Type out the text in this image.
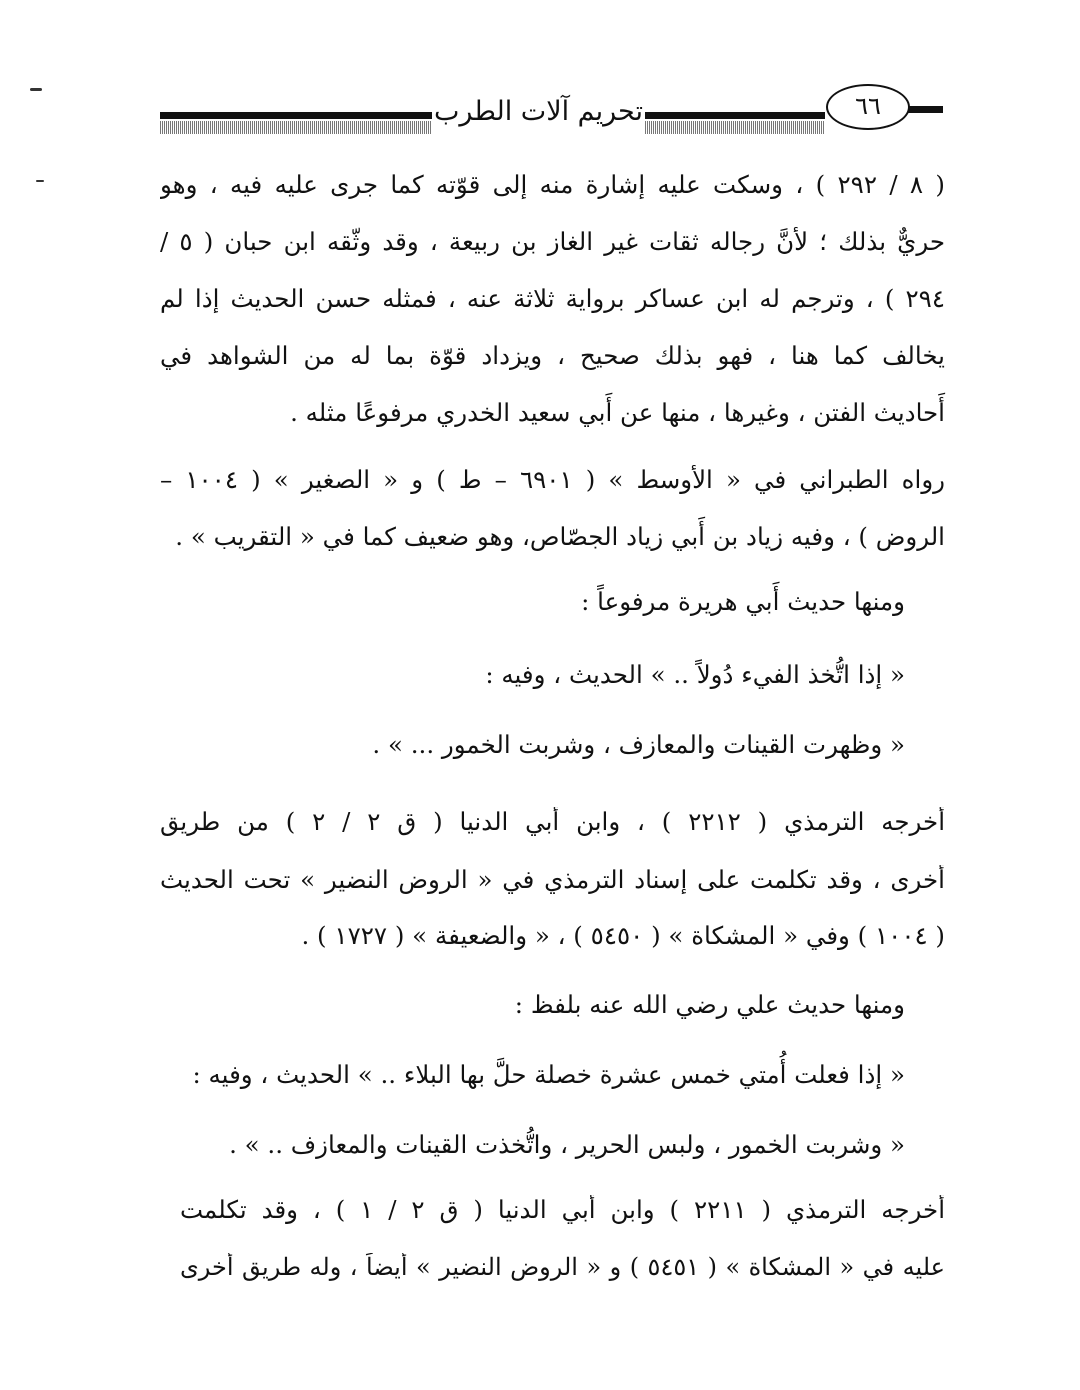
تحريم آلات الطرب	٦٦
( ٨ / ٢٩٢ ) ، وسكت عليه إشارة منه إلى قوّته كما جرى عليه فيه ، وهو
حريٌّ بذلك ؛ لأَنَّ رجاله ثقات غير الغاز بن ربيعة ، وقد وثّقه ابن حبان ( ٥ /
٢٩٤ ) ، وترجم له ابن عساكر برواية ثلاثة عنه ، فمثله حسن الحديث إذا لم
يخالف كما هنا ، فهو بذلك صحيح ، ويزداد قوّة بما له من الشواهد في
أَحاديث الفتن ، وغيرها ، منها عن أَبي سعيد الخدري مرفوعًا مثله .
رواه الطبراني في « الأَوسط » ( ٦٩٠١ – ط ) و « الصغير » ( ١٠٠٤ –
الروض ) ، وفيه زياد بن أَبي زياد الجصّاص، وهو ضعيف كما في « التقريب » .
ومنها حديث أَبي هريرة مرفوعاً :
« إذا اتُّخذ الفيء دُولاً .. » الحديث ، وفيه :
« وظهرت القينات والمعازف ، وشربت الخمور ... » .
أَخرجه الترمذي ( ٢٢١٢ ) ، وابن أَبي الدنيا ( ق ٢ / ٢ ) من طريق
أُخرى ، وقد تكلمت على إسناد الترمذي في « الروض النضير » تحت الحديث
( ١٠٠٤ ) وفي « المشكاة » ( ٥٤٥٠ ) ، « والضعيفة » ( ١٧٢٧ ) .
ومنها حديث علي رضي الله عنه بلفظ :
« إذا فعلت أُمتي خمس عشرة خصلة حلَّ بها البلاء .. » الحديث ، وفيه :
« وشربت الخمور ، ولبس الحرير ، واتُّخذت القينات والمعازف .. » .
أَخرجه الترمذي ( ٢٢١١ ) وابن أَبي الدنيا ( ق ٢ / ١ ) ، وقد تكلمت
عليه في « المشكاة » ( ٥٤٥١ ) و « الروض النضير » أَيضاً ، وله طريق أُخرى
